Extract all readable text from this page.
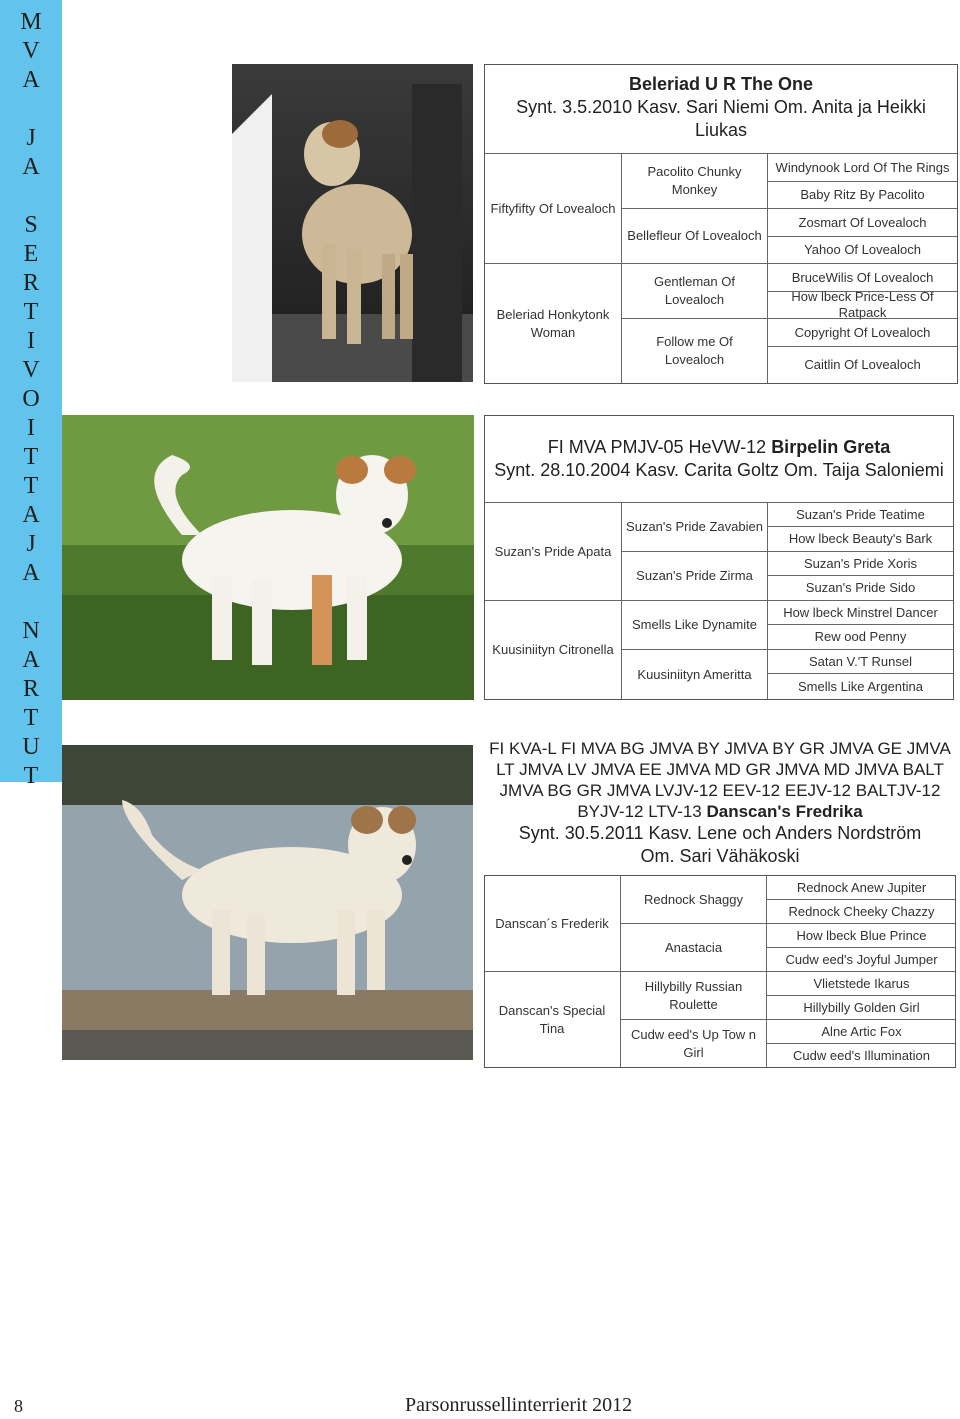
M
V
A
J
A
S
E
R
T
I
V
O
I
T
T
A
J
A
N
A
R
T
U
T
Beleriad U R The One
Synt. 3.5.2010 Kasv. Sari Niemi Om. Anita ja Heikki
Liukas
Fiftyfifty Of Lovealoch
Beleriad Honkytonk Woman
Pacolito Chunky Monkey
Bellefleur Of Lovealoch
Gentleman Of Lovealoch
Follow me Of Lovealoch
Windynook Lord Of The Rings
Baby Ritz By Pacolito
Zosmart Of Lovealoch
Yahoo Of Lovealoch
BruceWilis Of Lovealoch
How lbeck Price-Less Of Ratpack
Copyright Of Lovealoch
Caitlin Of Lovealoch
FI MVA PMJV-05 HeVW-12 Birpelin Greta
Synt. 28.10.2004 Kasv. Carita Goltz Om. Taija Saloniemi
Suzan's Pride Apata
Kuusiniityn Citronella
Suzan's Pride Zavabien
Suzan's Pride Zirma
Smells Like Dynamite
Kuusiniityn Ameritta
Suzan's Pride Teatime
How lbeck Beauty's Bark
Suzan's Pride Xoris
Suzan's Pride Sido
How lbeck Minstrel Dancer
Rew ood Penny
Satan V.'T Runsel
Smells Like Argentina
FI KVA-L FI MVA BG JMVA BY JMVA BY GR JMVA GE JMVA
LT JMVA LV JMVA EE JMVA MD GR JMVA MD JMVA BALT
JMVA BG GR JMVA LVJV-12 EEV-12 EEJV-12 BALTJV-12
BYJV-12 LTV-13 Danscan's Fredrika
Synt. 30.5.2011 Kasv. Lene och Anders Nordström
Om. Sari Vähäkoski
Danscan´s Frederik
Danscan's Special Tina
Rednock Shaggy
Anastacia
Hillybilly Russian Roulette
Cudw eed's Up Tow n Girl
Rednock Anew Jupiter
Rednock Cheeky Chazzy
How lbeck Blue Prince
Cudw eed's Joyful Jumper
Vlietstede Ikarus
Hillybilly Golden Girl
Alne Artic Fox
Cudw eed's Illumination
8	Parsonrussellinterrierit 2012
